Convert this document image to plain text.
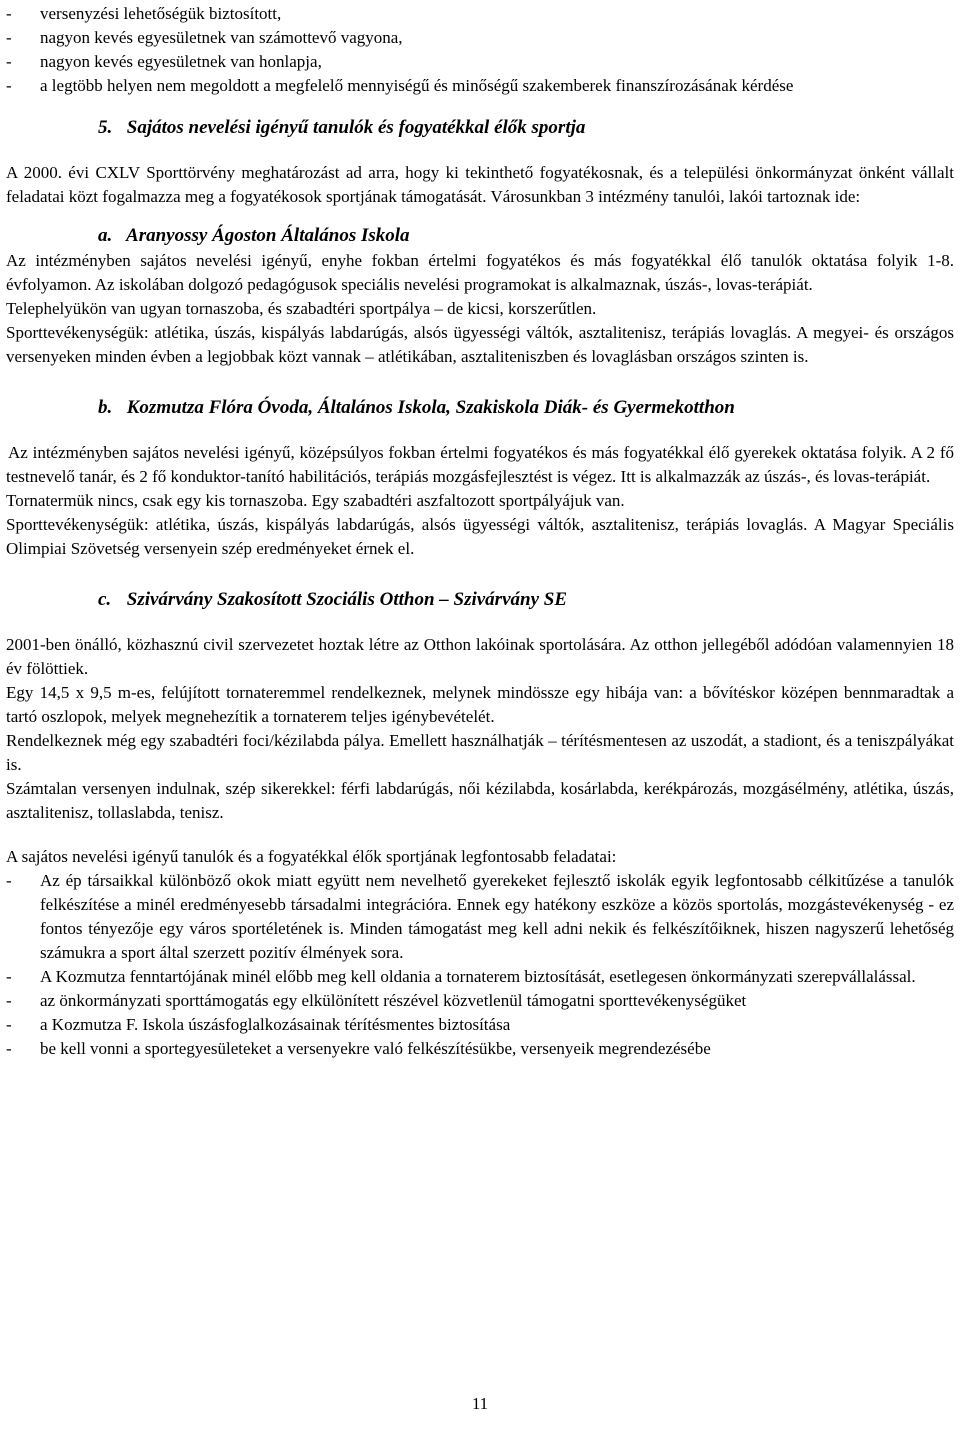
- versenyzési lehetőségük biztosított,
- nagyon kevés egyesületnek van számottevő vagyona,
- nagyon kevés egyesületnek van honlapja,
- a legtöbb helyen nem megoldott a megfelelő mennyiségű és minőségű szakemberek finanszírozásának kérdése
5. Sajátos nevelési igényű tanulók és fogyatékkal élők sportja

A 2000. évi CXLV Sporttörvény meghatározást ad arra, hogy ki tekinthető fogyatékosnak, és a települési önkormányzat önként vállalt feladatai közt fogalmazza meg a fogyatékosok sportjának támogatását. Városunkban 3 intézmény tanulói, lakói tartoznak ide:

a. Aranyossy Ágoston Általános Iskola

Az intézményben sajátos nevelési igényű, enyhe fokban értelmi fogyatékos és más fogyatékkal élő tanulók oktatása folyik 1-8. évfolyamon. Az iskolában dolgozó pedagógusok speciális nevelési programokat is alkalmaznak, úszás-, lovas-terápiát.

Telephelyükön van ugyan tornaszoba, és szabadtéri sportpálya – de kicsi, korszerűtlen.

Sporttevékenységük: atlétika, úszás, kispályás labdarúgás, alsós ügyességi váltók, asztalitenisz, terápiás lovaglás. A megyei- és országos versenyeken minden évben a legjobbak közt vannak – atlétikában, asztaliteniszben és lovaglásban országos szinten is.

b. Kozmutza Flóra Óvoda, Általános Iskola, Szakiskola Diák- és Gyermekotthon

Az intézményben sajátos nevelési igényű, középsúlyos fokban értelmi fogyatékos és más fogyatékkal élő gyerekek oktatása folyik. A 2 fő testnevelő tanár, és 2 fő konduktor-tanító habilitációs, terápiás mozgásfejlesztést is végez. Itt is alkalmazzák az úszás-, és lovas-terápiát.

Tornatermük nincs, csak egy kis tornaszoba. Egy szabadtéri aszfaltozott sportpályájuk van.

Sporttevékenységük: atlétika, úszás, kispályás labdarúgás, alsós ügyességi váltók, asztalitenisz, terápiás lovaglás. A Magyar Speciális Olimpiai Szövetség versenyein szép eredményeket érnek el.

c. Szivárvány Szakosított Szociális Otthon – Szivárvány SE

2001-ben önálló, közhasznú civil szervezetet hoztak létre az Otthon lakóinak sportolására. Az otthon jellegéből adódóan valamennyien 18 év fölöttiek.

Egy 14,5 x 9,5 m-es, felújított tornateremmel rendelkeznek, melynek mindössze egy hibája van: a bővítéskor középen bennmaradtak a tartó oszlopok, melyek megnehezítik a tornaterem teljes igénybevételét.

Rendelkeznek még egy szabadtéri foci/kézilabda pálya. Emellett használhatják – térítésmentesen az uszodát, a stadiont, és a teniszpályákat is.

Számtalan versenyen indulnak, szép sikerekkel: férfi labdarúgás, női kézilabda, kosárlabda, kerékpározás, mozgásélmény, atlétika, úszás, asztalitenisz, tollaslabda, tenisz.

A sajátos nevelési igényű tanulók és a fogyatékkal élők sportjának legfontosabb feladatai:

- Az ép társaikkal különböző okok miatt együtt nem nevelhető gyerekeket fejlesztő iskolák egyik legfontosabb célkitűzése a tanulók felkészítése a minél eredményesebb társadalmi integrációra. Ennek egy hatékony eszköze a közös sportolás, mozgástevékenység - ez fontos tényezője egy város sportéletének is. Minden támogatást meg kell adni nekik és felkészítőiknek, hiszen nagyszerű lehetőség számukra a sport által szerzett pozitív élmények sora.
- A Kozmutza fenntartójának minél előbb meg kell oldania a tornaterem biztosítását, esetlegesen önkormányzati szerepvállalással.
- az önkormányzati sporttámogatás egy elkülönített részével közvetlenül támogatni sporttevékenységüket
- a Kozmutza F. Iskola úszásfoglalkozásainak térítésmentes biztosítása
- be kell vonni a sportegyesületeket a versenyekre való felkészítésükbe, versenyeik megrendezésébe
11
